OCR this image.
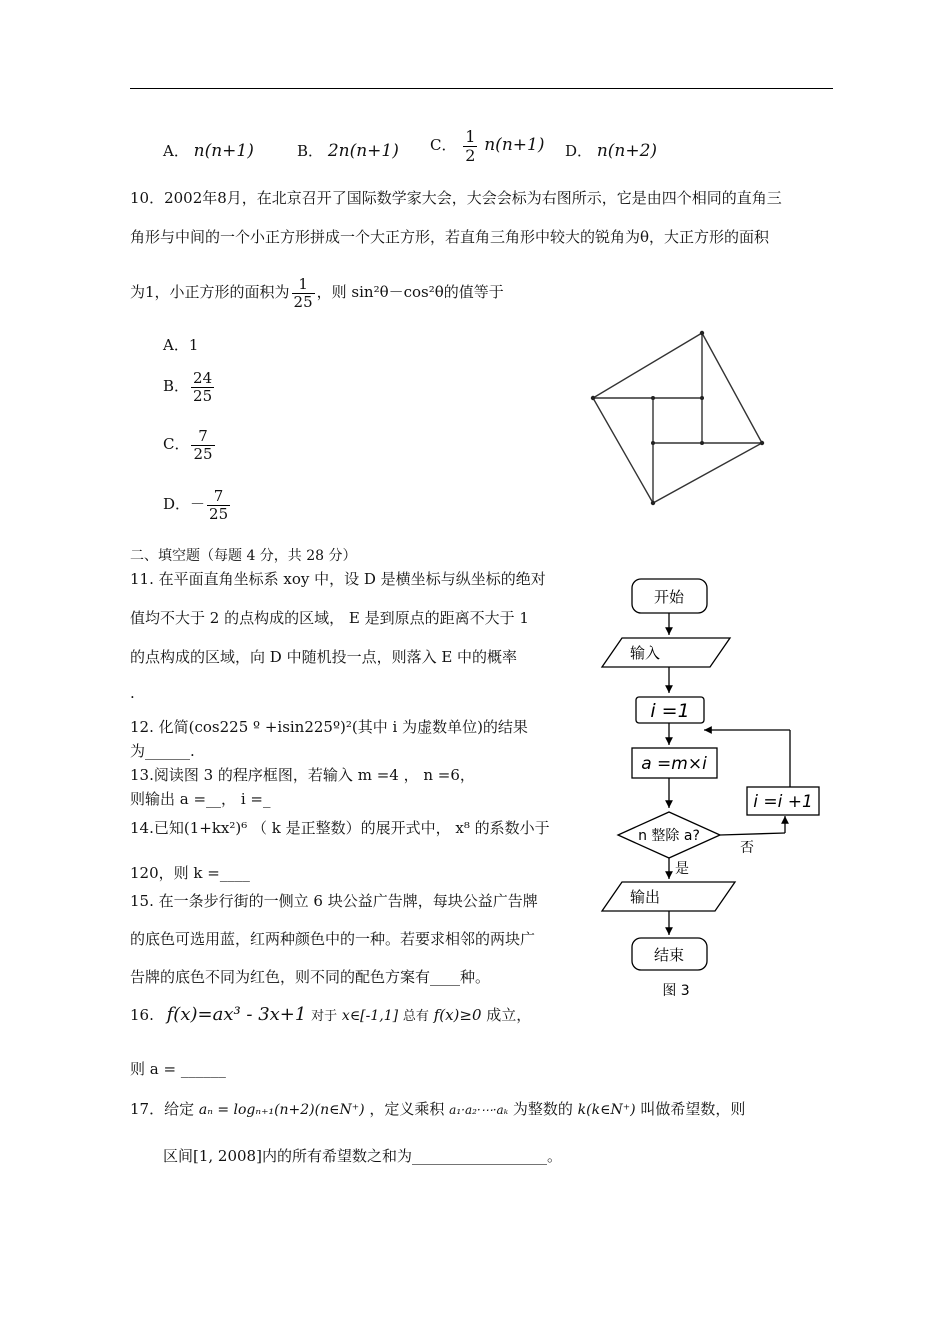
A． n(n+1)	B． 2n(n+1) C． $\frac{1}{2} n(n+1)$ D． n(n+2)
10．2002年8月，在北京召开了国际数学家大会，大会会标为右图所示，它是由四个相同的直角三
角形与中间的一个小正方形拼成一个大正方形，若直角三角形中较大的锐角为θ，大正方形的面积
为1，小正方形的面积为 $\frac{1}{25}$ ，则 sin²θ－cos²θ的值等于
A．1
B． $\frac{24}{25}$
C． $\frac{7}{25}$
D．－ $\frac{7}{25}$
二、填空题（每题 4 分，共 28 分）
11. 在平面直角坐标系 xoy 中，设 D 是横坐标与纵坐标的绝对
值均不大于 2 的点构成的区域， E 是到原点的距离不大于 1
的点构成的区域，向 D 中随机投一点，则落入 E 中的概率
.
12. 化简(cos225 º +isin225º)²(其中 i 为虚数单位)的结果
为______.
13.阅读图 3 的程序框图，若输入 m =4 ， n =6，
则输出 a =__， i =_
14.已知(1+kx²)⁶ （ k 是正整数）的展开式中， x⁸ 的系数小于
120，则 k =____
15. 在一条步行街的一侧立 6 块公益广告牌，每块公益广告牌
的底色可选用蓝，红两种颜色中的一种。若要求相邻的两块广
告牌的底色不同为红色，则不同的配色方案有____种。
16. f(x)=ax³ - 3x+1 对于 x∈[-1,1] 总有 f(x)≥0 成立，
则 a = ______
17．给定 aₙ = logₙ₊₁(n+2)(n∈N⁺) ，定义乘积 a₁·a₂·⋯·aₖ 为整数的 k(k∈N⁺) 叫做希望数，则
区间[1, 2008]内的所有希望数之和为__________________。
开始
输入
i =1
a =m×i
n 整除 a?
i =i +1
否
是
输出
结束
图 3
